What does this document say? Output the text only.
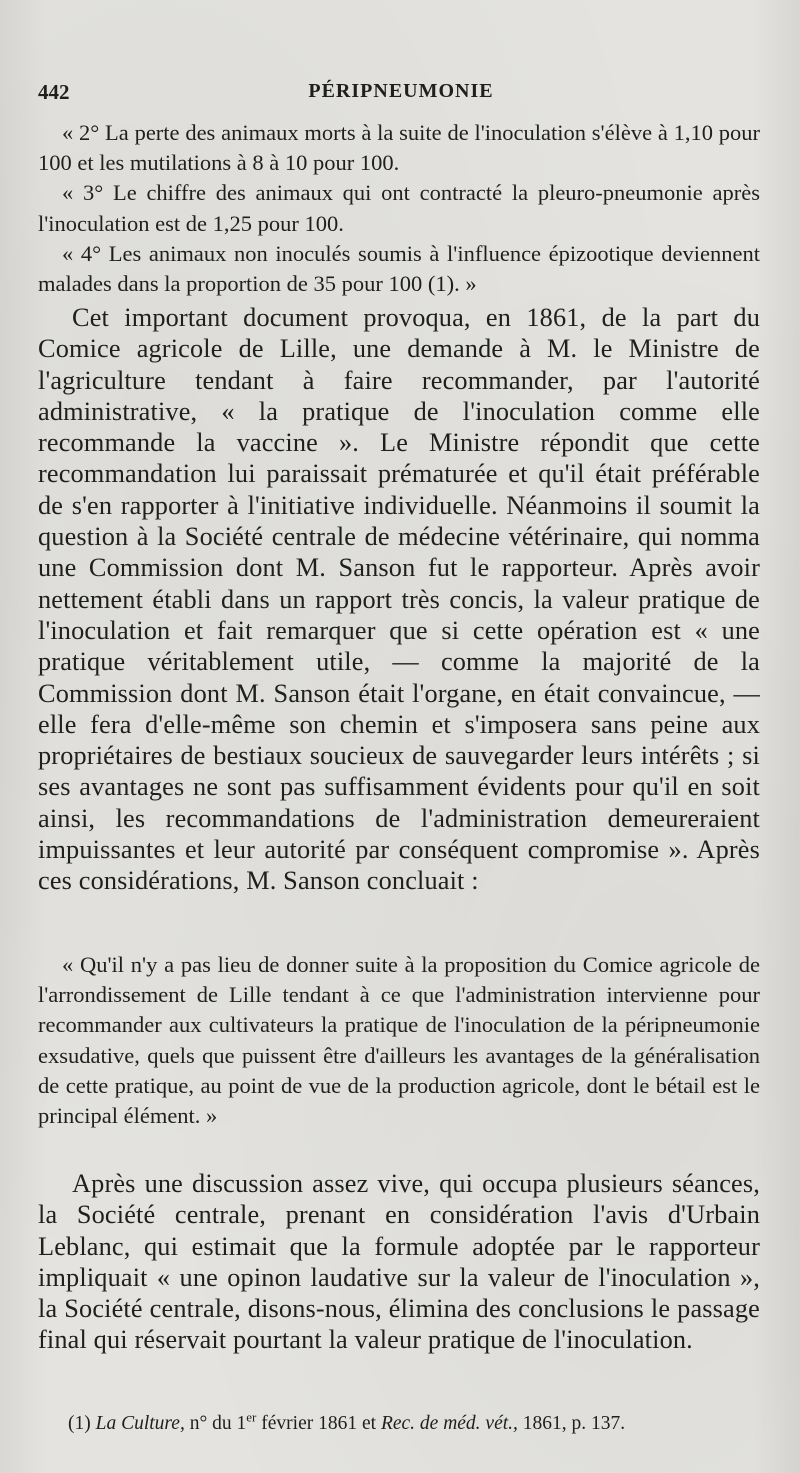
442	PÉRIPNEUMONIE

« 2° La perte des animaux morts à la suite de l'inoculation s'élève à 1,10 pour 100 et les mutilations à 8 à 10 pour 100.

« 3° Le chiffre des animaux qui ont contracté la pleuro-pneumonie après l'inoculation est de 1,25 pour 100.

« 4° Les animaux non inoculés soumis à l'influence épizootique deviennent malades dans la proportion de 35 pour 100 (1). »

Cet important document provoqua, en 1861, de la part du Comice agricole de Lille, une demande à M. le Ministre de l'agriculture tendant à faire recommander, par l'autorité administrative, « la pratique de l'inoculation comme elle recommande la vaccine ». Le Ministre répondit que cette recommandation lui paraissait prématurée et qu'il était préférable de s'en rapporter à l'initiative individuelle. Néanmoins il soumit la question à la Société centrale de médecine vétérinaire, qui nomma une Commission dont M. Sanson fut le rapporteur. Après avoir nettement établi dans un rapport très concis, la valeur pratique de l'inoculation et fait remarquer que si cette opération est « une pratique véritablement utile, — comme la majorité de la Commission dont M. Sanson était l'organe, en était convaincue, — elle fera d'elle-même son chemin et s'imposera sans peine aux propriétaires de bestiaux soucieux de sauvegarder leurs intérêts ; si ses avantages ne sont pas suffisamment évidents pour qu'il en soit ainsi, les recommandations de l'administration demeureraient impuissantes et leur autorité par conséquent compromise ». Après ces considérations, M. Sanson concluait :

« Qu'il n'y a pas lieu de donner suite à la proposition du Comice agricole de l'arrondissement de Lille tendant à ce que l'administration intervienne pour recommander aux cultivateurs la pratique de l'inoculation de la péripneumonie exsudative, quels que puissent être d'ailleurs les avantages de la généralisation de cette pratique, au point de vue de la production agricole, dont le bétail est le principal élément. »

Après une discussion assez vive, qui occupa plusieurs séances, la Société centrale, prenant en considération l'avis d'Urbain Leblanc, qui estimait que la formule adoptée par le rapporteur impliquait « une opinon laudative sur la valeur de l'inoculation », la Société centrale, disons-nous, élimina des conclusions le passage final qui réservait pourtant la valeur pratique de l'inoculation.

(1) La Culture, n° du 1er février 1861 et Rec. de méd. vét., 1861, p. 137.
